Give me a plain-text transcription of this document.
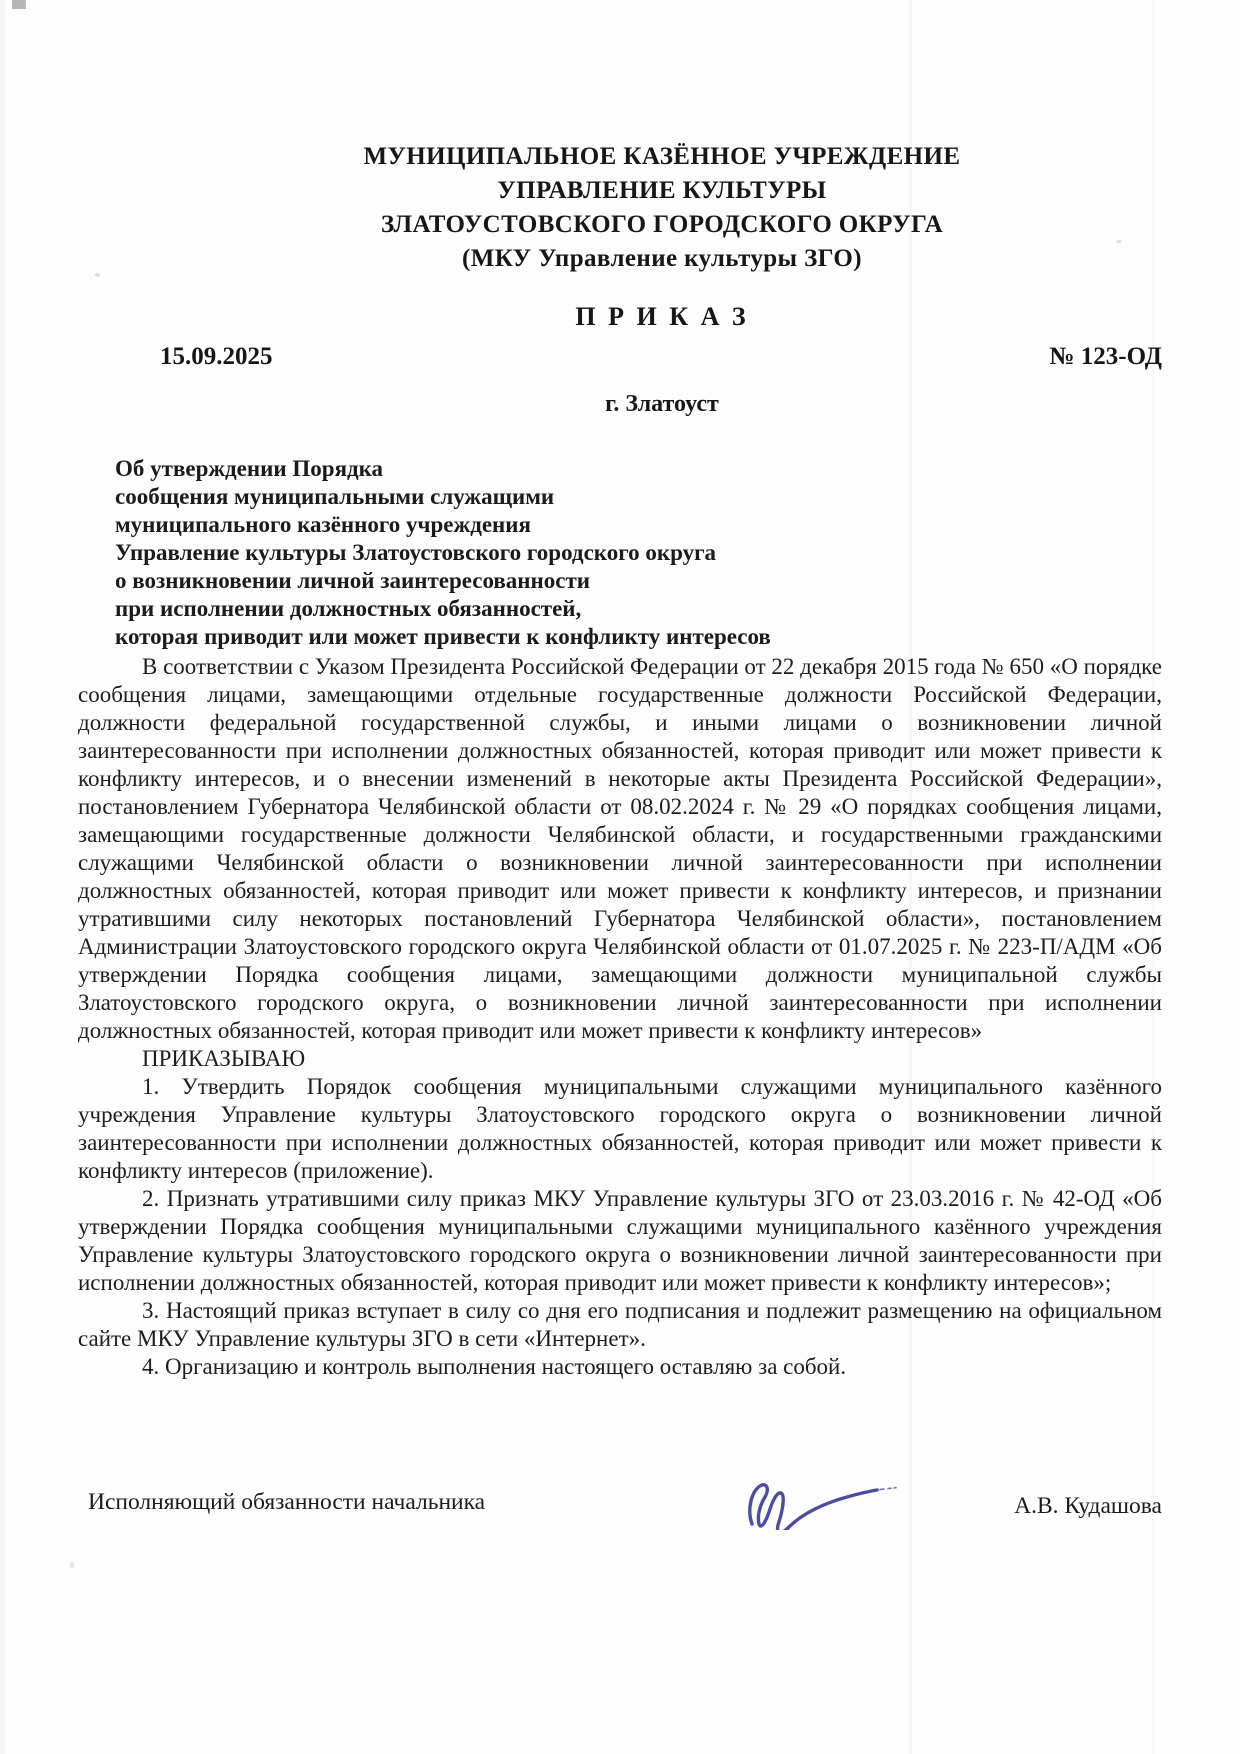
МУНИЦИПАЛЬНОЕ КАЗЁННОЕ УЧРЕЖДЕНИЕ
УПРАВЛЕНИЕ КУЛЬТУРЫ
ЗЛАТОУСТОВСКОГО ГОРОДСКОГО ОКРУГА
(МКУ Управление культуры ЗГО)
П Р И К А З
15.09.2025	№ 123-ОД
г. Златоуст
Об утверждении Порядка
сообщения муниципальными служащими
муниципального казённого учреждения
Управление культуры Златоустовского городского округа
о возникновении личной заинтересованности
при исполнении должностных обязанностей,
которая приводит или может привести к конфликту интересов

В соответствии с Указом Президента Российской Федерации от 22 декабря 2015 года № 650 «О порядке сообщения лицами, замещающими отдельные государственные должности Российской Федерации, должности федеральной государственной службы, и иными лицами о возникновении личной заинтересованности при исполнении должностных обязанностей, которая приводит или может привести к конфликту интересов, и о внесении изменений в некоторые акты Президента Российской Федерации», постановлением Губернатора Челябинской области от 08.02.2024 г. № 29 «О порядках сообщения лицами, замещающими государственные должности Челябинской области, и государственными гражданскими служащими Челябинской области о возникновении личной заинтересованности при исполнении должностных обязанностей, которая приводит или может привести к конфликту интересов, и признании утратившими силу некоторых постановлений Губернатора Челябинской области», постановлением Администрации Златоустовского городского округа Челябинской области от 01.07.2025 г. № 223-П/АДМ «Об утверждении Порядка сообщения лицами, замещающими должности муниципальной службы Златоустовского городского округа, о возникновении личной заинтересованности при исполнении должностных обязанностей, которая приводит или может привести к конфликту интересов»

ПРИКАЗЫВАЮ

1. Утвердить Порядок сообщения муниципальными служащими муниципального казённого учреждения Управление культуры Златоустовского городского округа о возникновении личной заинтересованности при исполнении должностных обязанностей, которая приводит или может привести к конфликту интересов (приложение).

2. Признать утратившими силу приказ МКУ Управление культуры ЗГО от 23.03.2016 г. № 42-ОД «Об утверждении Порядка сообщения муниципальными служащими муниципального казённого учреждения Управление культуры Златоустовского городского округа о возникновении личной заинтересованности при исполнении должностных обязанностей, которая приводит или может привести к конфликту интересов»;

3. Настоящий приказ вступает в силу со дня его подписания и подлежит размещению на официальном сайте МКУ Управление культуры ЗГО в сети «Интернет».

4. Организацию и контроль выполнения настоящего оставляю за собой.

Исполняющий обязанности начальника	А.В. Кудашова
